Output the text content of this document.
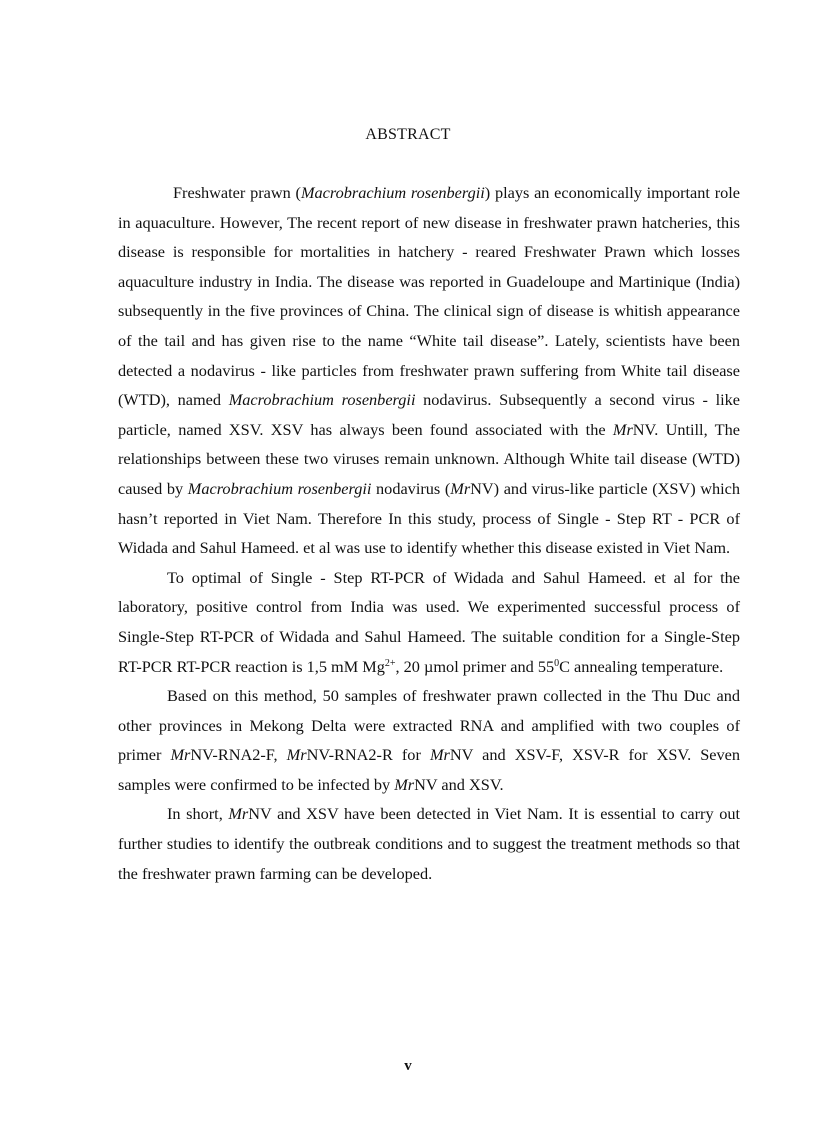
ABSTRACT

Freshwater prawn (Macrobrachium rosenbergii) plays an economically important role in aquaculture. However, The recent report of new disease in freshwater prawn hatcheries, this disease is responsible for mortalities in hatchery - reared Freshwater Prawn which losses aquaculture industry in India. The disease was reported in Guadeloupe and Martinique (India) subsequently in the five provinces of China. The clinical sign of disease is whitish appearance of the tail and has given rise to the name “White tail disease”. Lately, scientists have been detected a nodavirus - like particles from freshwater prawn suffering from White tail disease (WTD), named Macrobrachium rosenbergii nodavirus. Subsequently a second virus - like particle, named XSV. XSV has always been found associated with the MrNV. Untill, The relationships between these two viruses remain unknown. Although White tail disease (WTD) caused by Macrobrachium rosenbergii nodavirus (MrNV) and virus-like particle (XSV) which hasn’t reported in Viet Nam. Therefore In this study, process of Single - Step RT - PCR of Widada and Sahul Hameed. et al was use to identify whether this disease existed in Viet Nam.

To optimal of Single - Step RT-PCR of Widada and Sahul Hameed. et al for the laboratory, positive control from India was used. We experimented successful process of Single-Step RT-PCR of Widada and Sahul Hameed. The suitable condition for a Single-Step RT-PCR RT-PCR reaction is 1,5 mM $Mg^{2+}$, 20 µmol primer and $55^0C$ annealing temperature.

Based on this method, 50 samples of freshwater prawn collected in the Thu Duc and other provinces in Mekong Delta were extracted RNA and amplified with two couples of primer MrNV-RNA2-F, MrNV-RNA2-R for MrNV and XSV-F, XSV-R for XSV. Seven samples were confirmed to be infected by MrNV and XSV.

In short, MrNV and XSV have been detected in Viet Nam. It is essential to carry out further studies to identify the outbreak conditions and to suggest the treatment methods so that the freshwater prawn farming can be developed.

v
